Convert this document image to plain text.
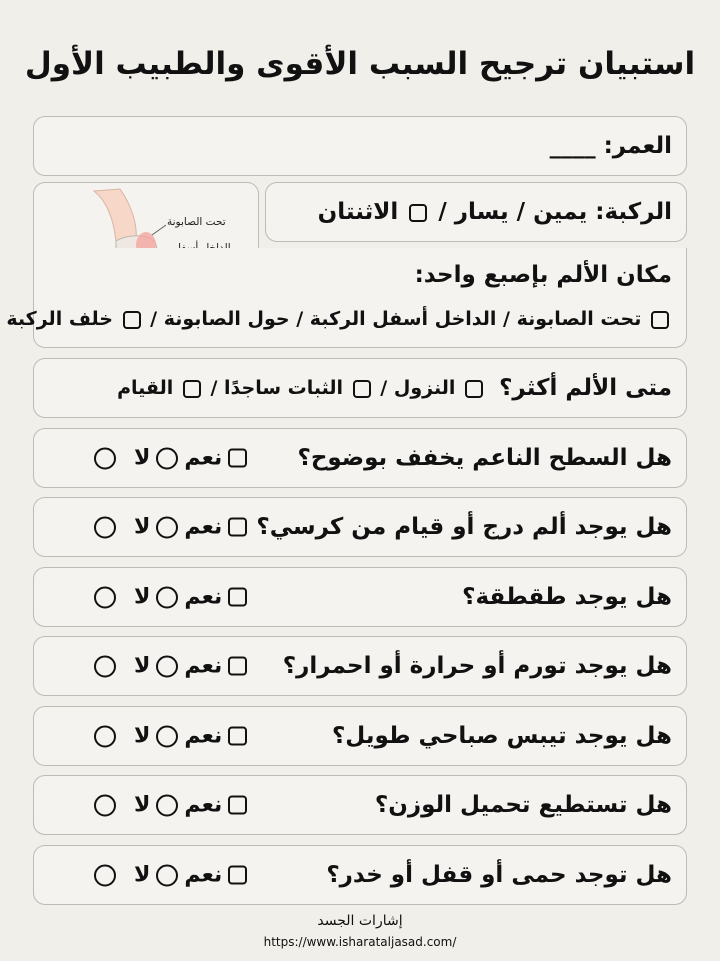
استبيان ترجيح السبب الأقوى والطبيب الأول
العمر: ____
تحت الصابونة	الركبة: يمين / يسار /  الاثنتان
مكان الألم بإصبع واحد:
تحت الصابونة / الداخل أسفل الركبة / حول الصابونة /  خلف الركبة
متى الألم أكثر؟
النزول /  الثبات ساجدًا /  القيام
هل السطح الناعم يخفف بوضوح؟
نعم
لا
هل يوجد ألم درج أو قيام من كرسي؟
نعم
لا
هل يوجد طقطقة؟
نعم
لا
هل يوجد تورم أو حرارة أو احمرار؟
نعم
لا
هل يوجد تيبس صباحي طويل؟
نعم
لا
هل تستطيع تحميل الوزن؟
نعم
لا
هل توجد حمى أو قفل أو خدر؟
نعم
لا
إشارات الجسد
https://www.isharataljasad.com/
